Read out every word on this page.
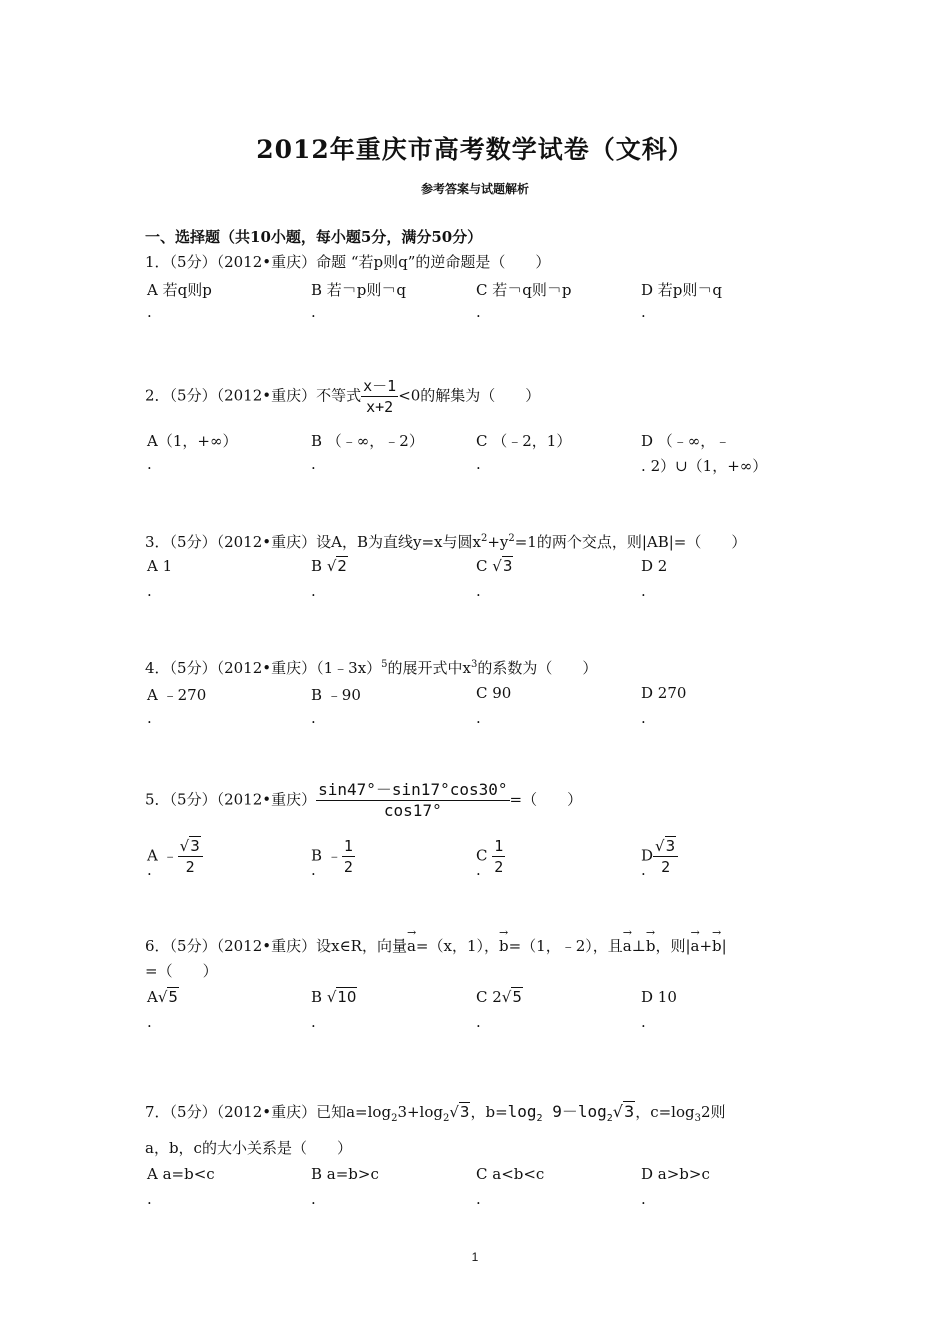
2012年重庆市高考数学试卷（文科）
参考答案与试题解析
一、选择题（共10小题，每小题5分，满分50分）
1．（5分）（2012•重庆）命题 “若p则q”的逆命题是（　　）
A 若q则p	B 若￢p则￢q	C 若￢q则￢p	D 若p则￢q
.	.	.	.
2．（5分）（2012•重庆）不等式 $\frac{x-1}{x+2} <0$的解集为（　　）
A（1，+∞）	B （﹣∞，﹣2）	C （﹣2，1）	D （﹣∞，﹣
.	.	.	. 2）∪（1，+∞）
3．（5分）（2012•重庆）设A，B为直线y=x与圆$x^2+y^2=1$的两个交点，则|AB|=（　　）
A 1	B √2	C √3	D 2
.	.	.	.
4．（5分）（2012•重庆）（1﹣3x）$^5$的展开式中$x^3$的系数为（　　）
A ﹣270	B ﹣90	C 90	D 270
.	.	.	.
5．（5分）（2012•重庆） $\frac{\sin 47^\circ-\sin 17^\circ\cos 30^\circ}{\cos 17^\circ}$ =（　　）
A ﹣ $\frac{√3}{2}$	B ﹣ $\frac{1}{2}$	C $\frac{1}{2}$	D $\frac{√3}{2}$
.	.	.	.
6．（5分）（2012•重庆）设x∈R，向量→ a=（x，1），→ b=（1，﹣2），且→ a⊥→ b，则|→ a+→ b|
=（　　）
A√5	B √10	C 2√5	D 10
.	.	.	.
7．（5分）（2012•重庆）已知$a=\log_23+\log_2√3$，$b=\log_2$ $9-\log_2√3$，$c=\log_32$则
a，b，c的大小关系是（　　）
A a=b<c	B a=b>c	C a<b<c	D a>b>c
.	.	.	.
1
